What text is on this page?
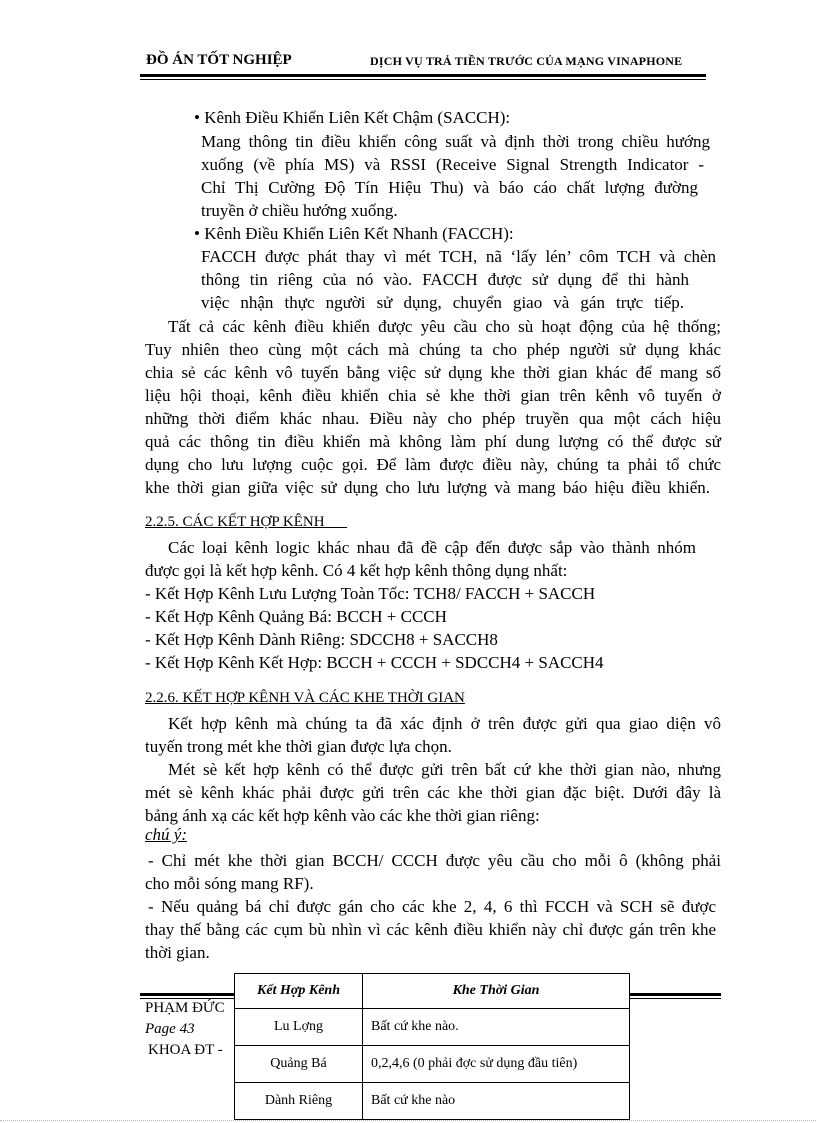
ĐỒ ÁN TỐT NGHIỆP	DỊCH VỤ TRẢ TIỀN TRƯỚC CỦA MẠNG VINAPHONE
• Kênh Điều Khiển Liên Kết Chậm (SACCH):
Mang thông tin điều khiển công suất và định thời trong chiều hướng
xuống (về phía MS) và RSSI (Receive Signal Strength Indicator -
Chỉ Thị Cường Độ Tín Hiệu Thu) và báo cáo chất lượng đường
truyền ở chiều hướng xuống.
• Kênh Điều Khiển Liên Kết Nhanh (FACCH):
FACCH được phát thay vì mét TCH, nã ‘lấy lén’ côm TCH và chèn
thông tin riêng của nó vào. FACCH được sử dụng để thi hành
việc nhận thực người sử dụng, chuyển giao và gán trực tiếp.
Tất cả các kênh điều khiển được yêu cầu cho sù hoạt động của hệ thống;
Tuy nhiên theo cùng một cách mà chúng ta cho phép người sử dụng khác
chia sẻ các kênh vô tuyến bằng việc sử dụng khe thời gian khác để mang số
liệu hội thoại, kênh điều khiển chia sẻ khe thời gian trên kênh vô tuyến ở
những thời điểm khác nhau. Điều này cho phép truyền qua một cách hiệu
quả các thông tin điều khiển mà không làm phí dung lượng có thể được sử
dụng cho lưu lượng cuộc gọi. Để làm được điều này, chúng ta phải tổ chức
khe thời gian giữa việc sử dụng cho lưu lượng và mang báo hiệu điều khiển.
2.2.5. CÁC KẾT HỢP KÊNH
Các loại kênh logic khác nhau đã đề cập đến được sắp vào thành nhóm
được gọi là kết hợp kênh. Có 4 kết hợp kênh thông dụng nhất:
- Kết Hợp Kênh Lưu Lượng Toàn Tốc: TCH8/ FACCH + SACCH
- Kết Hợp Kênh Quảng Bá: BCCH + CCCH
- Kết Hợp Kênh Dành Riêng: SDCCH8 + SACCH8
- Kết Hợp Kênh Kết Hợp: BCCH + CCCH + SDCCH4 + SACCH4
2.2.6. KẾT HỢP KÊNH VÀ CÁC KHE THỜI GIAN
Kết hợp kênh mà chúng ta đã xác định ở trên được gửi qua giao diện vô
tuyến trong mét khe thời gian được lựa chọn.
Mét sè kết hợp kênh có thể được gửi trên bất cứ khe thời gian nào, nhưng
mét sè kênh khác phải được gửi trên các khe thời gian đặc biệt. Dưới đây là
bảng ánh xạ các kết hợp kênh vào các khe thời gian riêng:
chú ý:
- Chỉ mét khe thời gian BCCH/ CCCH được yêu cầu cho mỗi ô (không phải
cho mỗi sóng mang RF).
- Nếu quảng bá chỉ được gán cho các khe 2, 4, 6 thì FCCH và SCH sẽ được
thay thế bằng các cụm bù nhìn vì các kênh điều khiển này chỉ được gán trên khe
thời gian.
PHẠM ĐỨC
Page 43
KHOA ĐT -
Kết Hợp Kênh	Khe Thời Gian
Lu Lợng	Bất cứ khe nào.
Quảng Bá	0,2,4,6 (0 phải đợc sử dụng đầu tiên)
Dành Riêng	Bất cứ khe nào
